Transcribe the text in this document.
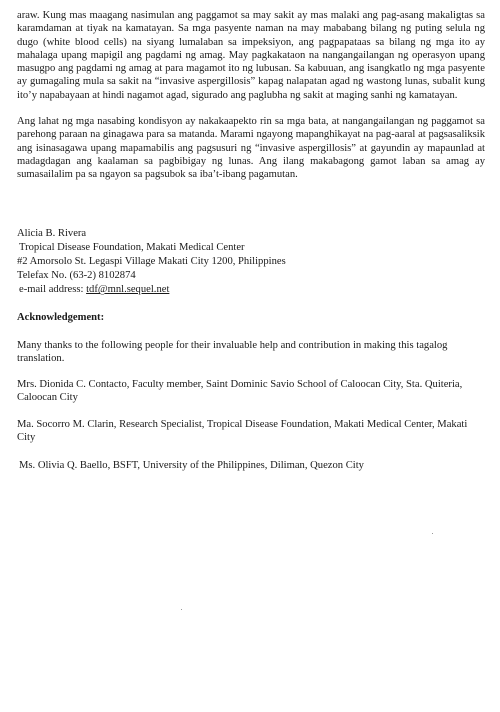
araw. Kung mas maagang nasimulan ang paggamot sa may sakit ay mas malaki ang pag-asang makaligtas sa karamdaman at tiyak na kamatayan. Sa mga pasyente naman na may mababang bilang ng puting selula ng dugo (white blood cells) na siyang lumalaban sa impeksiyon, ang pagpapataas sa bilang ng mga ito ay mahalaga upang mapigil ang pagdami ng amag. May pagkakataon na nangangailangan ng operasyon upang masugpo ang pagdami ng amag at para magamot ito ng lubusan. Sa kabuuan, ang isangkatlo ng mga pasyente ay gumagaling mula sa sakit na “invasive aspergillosis” kapag nalapatan agad ng wastong lunas, subalit kung ito’y napabayaan at hindi nagamot agad, sigurado ang paglubha ng sakit at maging sanhi ng kamatayan.

Ang lahat ng mga nasabing kondisyon ay nakakaapekto rin sa mga bata, at nangangailangan ng paggamot sa parehong paraan na ginagawa para sa matanda. Marami ngayong mapanghikayat na pag-aaral at pagsasaliksik ang isinasagawa upang mapamabilis ang pagsusuri ng “invasive aspergillosis” at gayundin ay mapaunlad at madagdagan ang kaalaman sa pagbibigay ng lunas. Ang ilang makabagong gamot laban sa amag ay sumasailalim pa sa ngayon sa pagsubok sa iba’t-ibang pagamutan.

Alicia B. Rivera
Tropical Disease Foundation, Makati Medical Center
#2 Amorsolo St. Legaspi Village Makati City 1200, Philippines
Telefax No. (63-2) 8102874
e-mail address: tdf@mnl.sequel.net
Acknowledgement:
Many thanks to the following people for their invaluable help and contribution in making this tagalog translation.
Mrs. Dionida C. Contacto, Faculty member, Saint Dominic Savio School of Caloocan City, Sta. Quiteria, Caloocan City
Ma. Socorro M. Clarin, Research Specialist, Tropical Disease Foundation, Makati Medical Center, Makati City
Ms. Olivia Q. Baello, BSFT, University of the Philippines, Diliman, Quezon City
